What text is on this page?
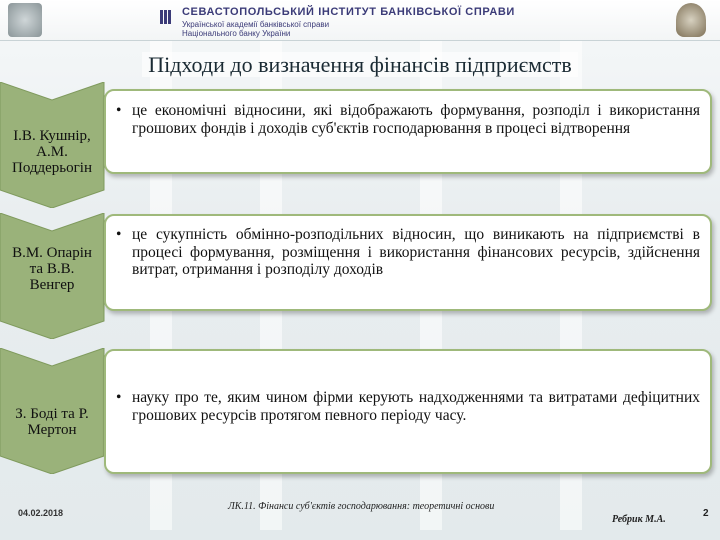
СЕВАСТОПОЛЬСЬКИЙ ІНСТИТУТ БАНКІВСЬКОЇ СПРАВИ
Української академії банківської справи
Національного банку України
Підходи до визначення фінансів підприємств
І.В. Кушнір,
А.М.
Поддерьогін

• це економічні відносини, які відображають формування, розподіл і використання грошових фондів і доходів суб'єктів господарювання в процесі відтворення

В.М. Опарін
та В.В.
Венгер

• це сукупність обмінно-розподільних відносин, що виникають на підприємстві в процесі формування, розміщення і використання фінансових ресурсів, здійснення витрат, отримання і розподілу доходів

З. Боді та Р.
Мертон

• науку про те, яким чином фірми керують надходженнями та витратами дефіцитних грошових ресурсів протягом певного періоду часу.

04.02.2018
ЛК.11. Фінанси суб'єктів господарювання: теоретичні основи
Ребрик М.А.
2
